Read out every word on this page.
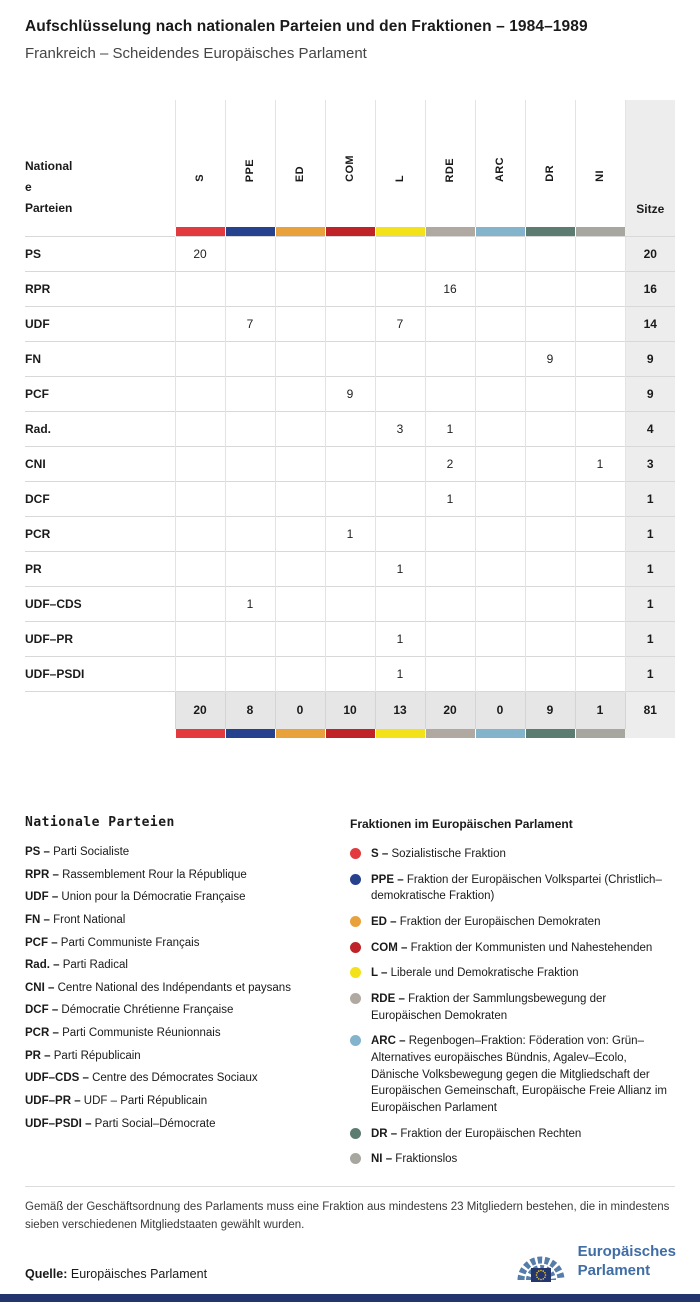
Aufschlüsselung nach nationalen Parteien und den Fraktionen – 1984–1989
Frankreich – Scheidendes Europäisches Parlament
Nationale Parteien	S	PPE	ED	COM	L	RDE	ARC	DR	NI	Sitze

PS	20									20
RPR						16				16
UDF		7			7					14
FN								9		9
PCF				9						9
Rad.					3	1				4
CNI						2			1	3
DCF						1				1
PCR				1						1
PR					1					1
UDF–CDS		1								1
UDF–PR					1					1
UDF–PSDI					1					1
	20	8	0	10	13	20	0	9	1	81

Nationale Parteien
PS – Parti Socialiste
RPR – Rassemblement Rour la République
UDF – Union pour la Démocratie Française
FN – Front National
PCF – Parti Communiste Français
Rad. – Parti Radical
CNI – Centre National des Indépendants et paysans
DCF – Démocratie Chrétienne Française
PCR – Parti Communiste Réunionnais
PR – Parti Républicain
UDF–CDS – Centre des Démocrates Sociaux
UDF–PR – UDF – Parti Républicain
UDF–PSDI – Parti Social–Démocrate
Fraktionen im Europäischen Parlament
S – Sozialistische Fraktion
PPE – Fraktion der Europäischen Volkspartei (Christlich–demokratische Fraktion)
ED – Fraktion der Europäischen Demokraten
COM – Fraktion der Kommunisten und Nahestehenden
L – Liberale und Demokratische Fraktion
RDE – Fraktion der Sammlungsbewegung der Europäischen Demokraten
ARC – Regenbogen–Fraktion: Föderation von: Grün–Alternatives europäisches Bündnis, Agalev–Ecolo, Dänische Volksbewegung gegen die Mitgliedschaft der Europäischen Gemeinschaft, Europäische Freie Allianz im Europäischen Parlament
DR – Fraktion der Europäischen Rechten
NI – Fraktionslos
Gemäß der Geschäftsordnung des Parlaments muss eine Fraktion aus mindestens 23 Mitgliedern bestehen, die in mindestens sieben verschiedenen Mitgliedstaaten gewählt wurden.
Quelle: Europäisches Parlament
Europäisches
Parlament
